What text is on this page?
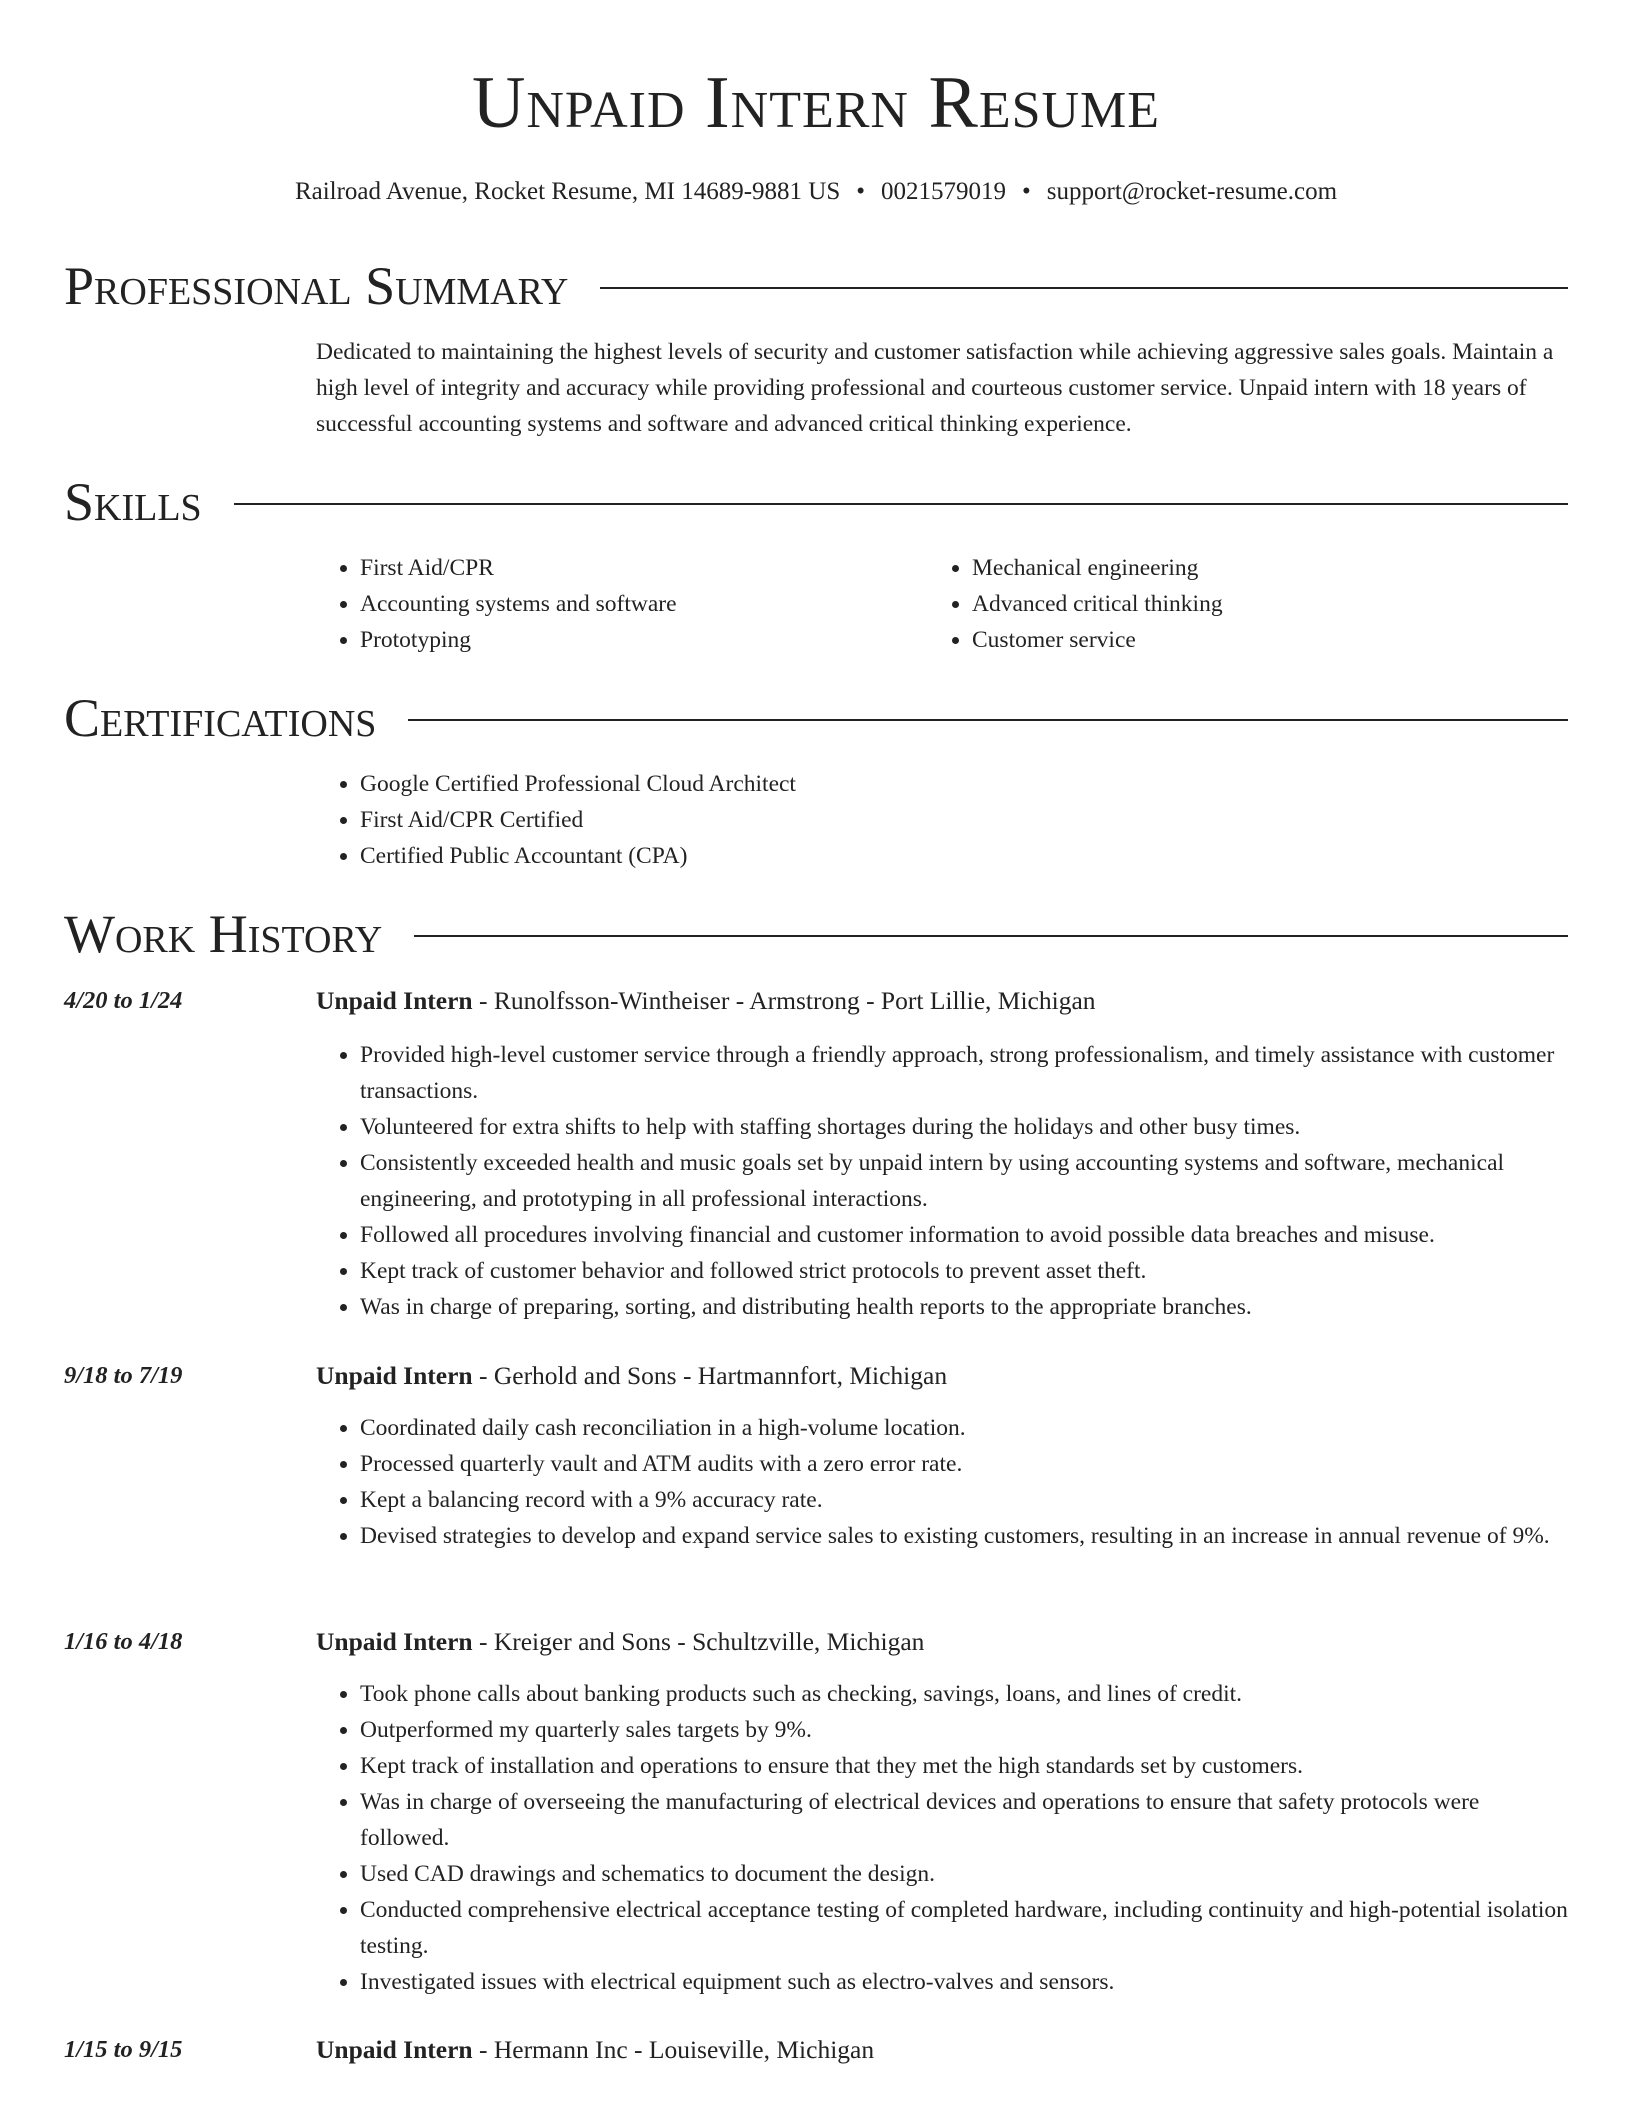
Unpaid Intern Resume
Railroad Avenue, Rocket Resume, MI 14689-9881 US • 0021579019 • support@rocket-resume.com
Professional Summary

Dedicated to maintaining the highest levels of security and customer satisfaction while achieving aggressive sales goals. Maintain a high level of integrity and accuracy while providing professional and courteous customer service. Unpaid intern with 18 years of successful accounting systems and software and advanced critical thinking experience.

Skills
• First Aid/CPR
• Accounting systems and software
• Prototyping
• Mechanical engineering
• Advanced critical thinking
• Customer service
Certifications
• Google Certified Professional Cloud Architect
• First Aid/CPR Certified
• Certified Public Accountant (CPA)
Work History
4/20 to 1/24	Unpaid Intern - Runolfsson-Wintheiser - Armstrong - Port Lillie, Michigan
• Provided high-level customer service through a friendly approach, strong professionalism, and timely assistance with customer transactions.
• Volunteered for extra shifts to help with staffing shortages during the holidays and other busy times.
• Consistently exceeded health and music goals set by unpaid intern by using accounting systems and software, mechanical engineering, and prototyping in all professional interactions.
• Followed all procedures involving financial and customer information to avoid possible data breaches and misuse.
• Kept track of customer behavior and followed strict protocols to prevent asset theft.
• Was in charge of preparing, sorting, and distributing health reports to the appropriate branches.
9/18 to 7/19	Unpaid Intern - Gerhold and Sons - Hartmannfort, Michigan
• Coordinated daily cash reconciliation in a high-volume location.
• Processed quarterly vault and ATM audits with a zero error rate.
• Kept a balancing record with a 9% accuracy rate.
• Devised strategies to develop and expand service sales to existing customers, resulting in an increase in annual revenue of 9%.
1/16 to 4/18	Unpaid Intern - Kreiger and Sons - Schultzville, Michigan
• Took phone calls about banking products such as checking, savings, loans, and lines of credit.
• Outperformed my quarterly sales targets by 9%.
• Kept track of installation and operations to ensure that they met the high standards set by customers.
• Was in charge of overseeing the manufacturing of electrical devices and operations to ensure that safety protocols were followed.
• Used CAD drawings and schematics to document the design.
• Conducted comprehensive electrical acceptance testing of completed hardware, including continuity and high-potential isolation testing.
• Investigated issues with electrical equipment such as electro-valves and sensors.
1/15 to 9/15	Unpaid Intern - Hermann Inc - Louiseville, Michigan
